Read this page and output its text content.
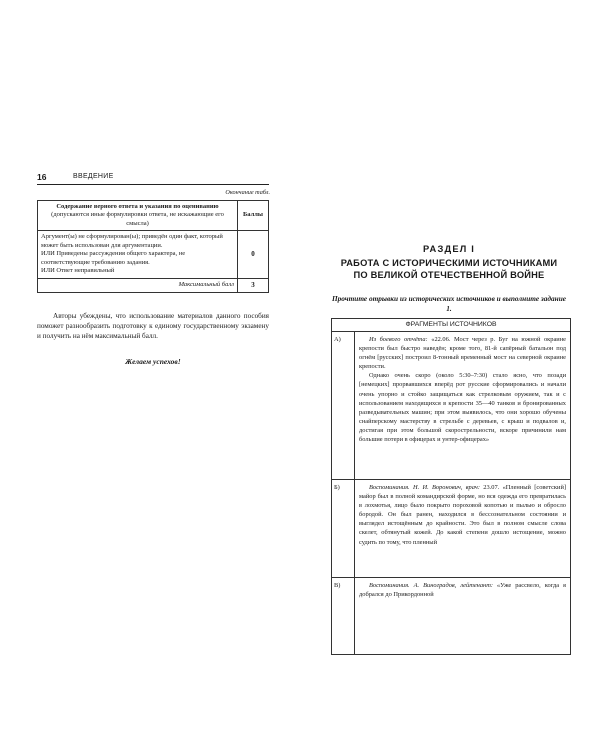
16	ВВЕДЕНИЕ
Окончание табл.
Содержание верного ответа и указания по оцениванию
(допускаются иные формулировки ответа, не искажающие его смысла)	Баллы

Аргумент(ы) не сформулирован(ы); приведён один факт, который может быть использован для аргументации.
ИЛИ Приведены рассуждения общего характера, не соответствующие требованию задания.
ИЛИ Ответ неправильный	0
Максимальный балл	3
Авторы убеждены, что использование материалов данного пособия поможет разнообразить подготовку к единому государственному экзамену и получить на нём максимальный балл.
Желаем успехов!
РАЗДЕЛ I
РАБОТА С ИСТОРИЧЕСКИМИ ИСТОЧНИКАМИ
ПО ВЕЛИКОЙ ОТЕЧЕСТВЕННОЙ ВОЙНЕ
Прочтите отрывки из исторических источников и выполните задание 1.
ФРАГМЕНТЫ ИСТОЧНИКОВ
А)	Из боевого отчёта: «22.06. Мост через р. Буг на южной окраине крепости был быстро наведён; кроме того, 81-й сапёрный батальон под огнём [русских] построил 8-тонный временный мост на северной окраине крепости.

Однако очень скоро (около 5:30–7:30) стало ясно, что позади [немецких] прорвавшихся вперёд рот русские сформировались и начали очень упорно и стойко защищаться как стрелковым оружием, так и с использованием находящихся в крепости 35—40 танков и бронированных разведывательных машин; при этом выявилось, что они хорошо обучены снайперскому мастерству в стрельбе с деревьев, с крыш и подвалов и, достигая при этом большой скорострельности, вскоре причинили нам большие потери в офицерах и унтер-офицерах»

Б)	Воспоминания. Н. И. Воронович, врач: 23.07. «Пленный [советский] майор был в полной командирской форме, но вся одежда его превратилась в лохмотья, лицо было покрыто пороховой копотью и пылью и обросло бородой. Он был ранен, находился в бессознательном состоянии и выглядел истощённым до крайности. Это был в полном смысле слова скелет, обтянутый кожей. До какой степени дошло истощение, можно судить по тому, что пленный

В)	Воспоминания. А. Виноградов, лейтенант: «Уже рассвело, когда я добрался до Прикордонной
